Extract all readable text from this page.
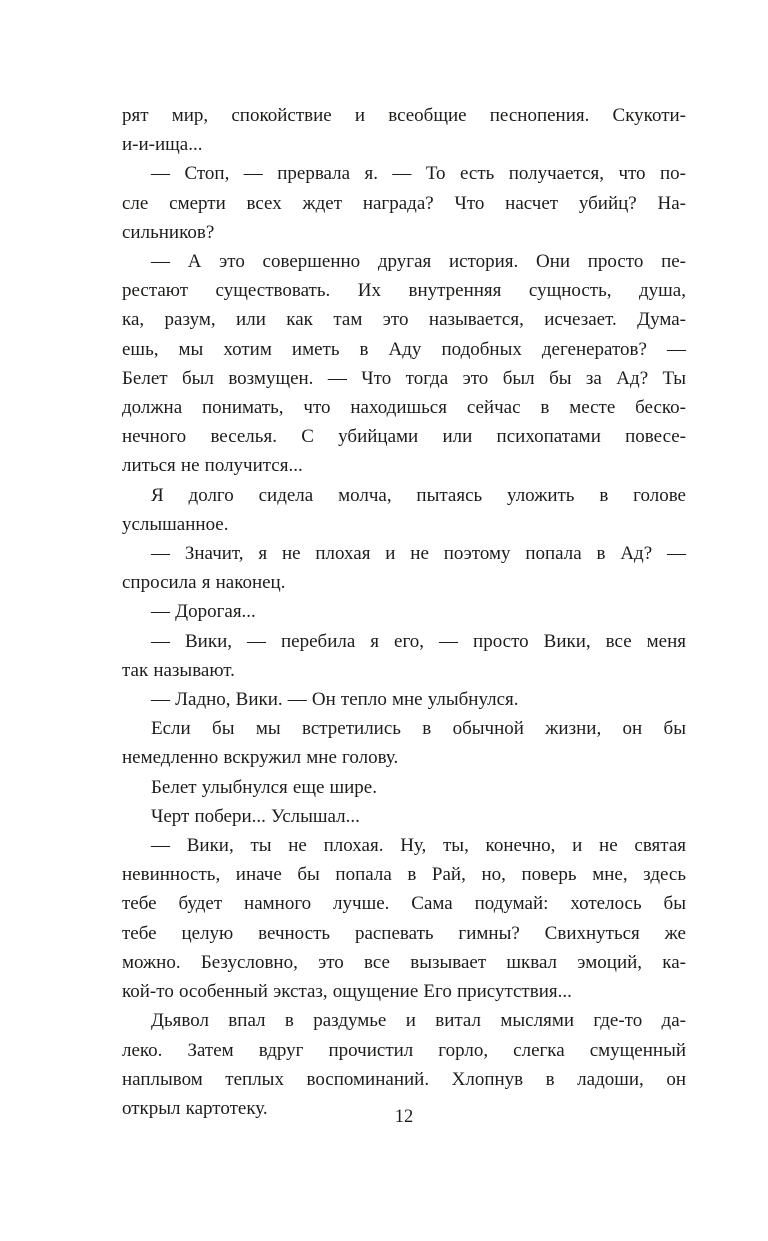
рят мир, спокойствие и всеобщие песнопения. Скукоти-
и-и-ища...
— Стоп, — прервала я. — То есть получается, что по-
сле смерти всех ждет награда? Что насчет убийц? На-
сильников?
— А это совершенно другая история. Они просто пе-
рестают существовать. Их внутренняя сущность, душа,
ка, разум, или как там это называется, исчезает. Дума-
ешь, мы хотим иметь в Аду подобных дегенератов? —
Белет был возмущен. — Что тогда это был бы за Ад? Ты
должна понимать, что находишься сейчас в месте беско-
нечного веселья. С убийцами или психопатами повесе-
литься не получится...
Я долго сидела молча, пытаясь уложить в голове
услышанное.
— Значит, я не плохая и не поэтому попала в Ад? —
спросила я наконец.
— Дорогая...
— Вики, — перебила я его, — просто Вики, все меня
так называют.
— Ладно, Вики. — Он тепло мне улыбнулся.
Если бы мы встретились в обычной жизни, он бы
немедленно вскружил мне голову.
Белет улыбнулся еще шире.
Черт побери... Услышал...
— Вики, ты не плохая. Ну, ты, конечно, и не святая
невинность, иначе бы попала в Рай, но, поверь мне, здесь
тебе будет намного лучше. Сама подумай: хотелось бы
тебе целую вечность распевать гимны? Свихнуться же
можно. Безусловно, это все вызывает шквал эмоций, ка-
кой-то особенный экстаз, ощущение Его присутствия...
Дьявол впал в раздумье и витал мыслями где-то да-
леко. Затем вдруг прочистил горло, слегка смущенный
наплывом теплых воспоминаний. Хлопнув в ладоши, он
открыл картотеку.	12
